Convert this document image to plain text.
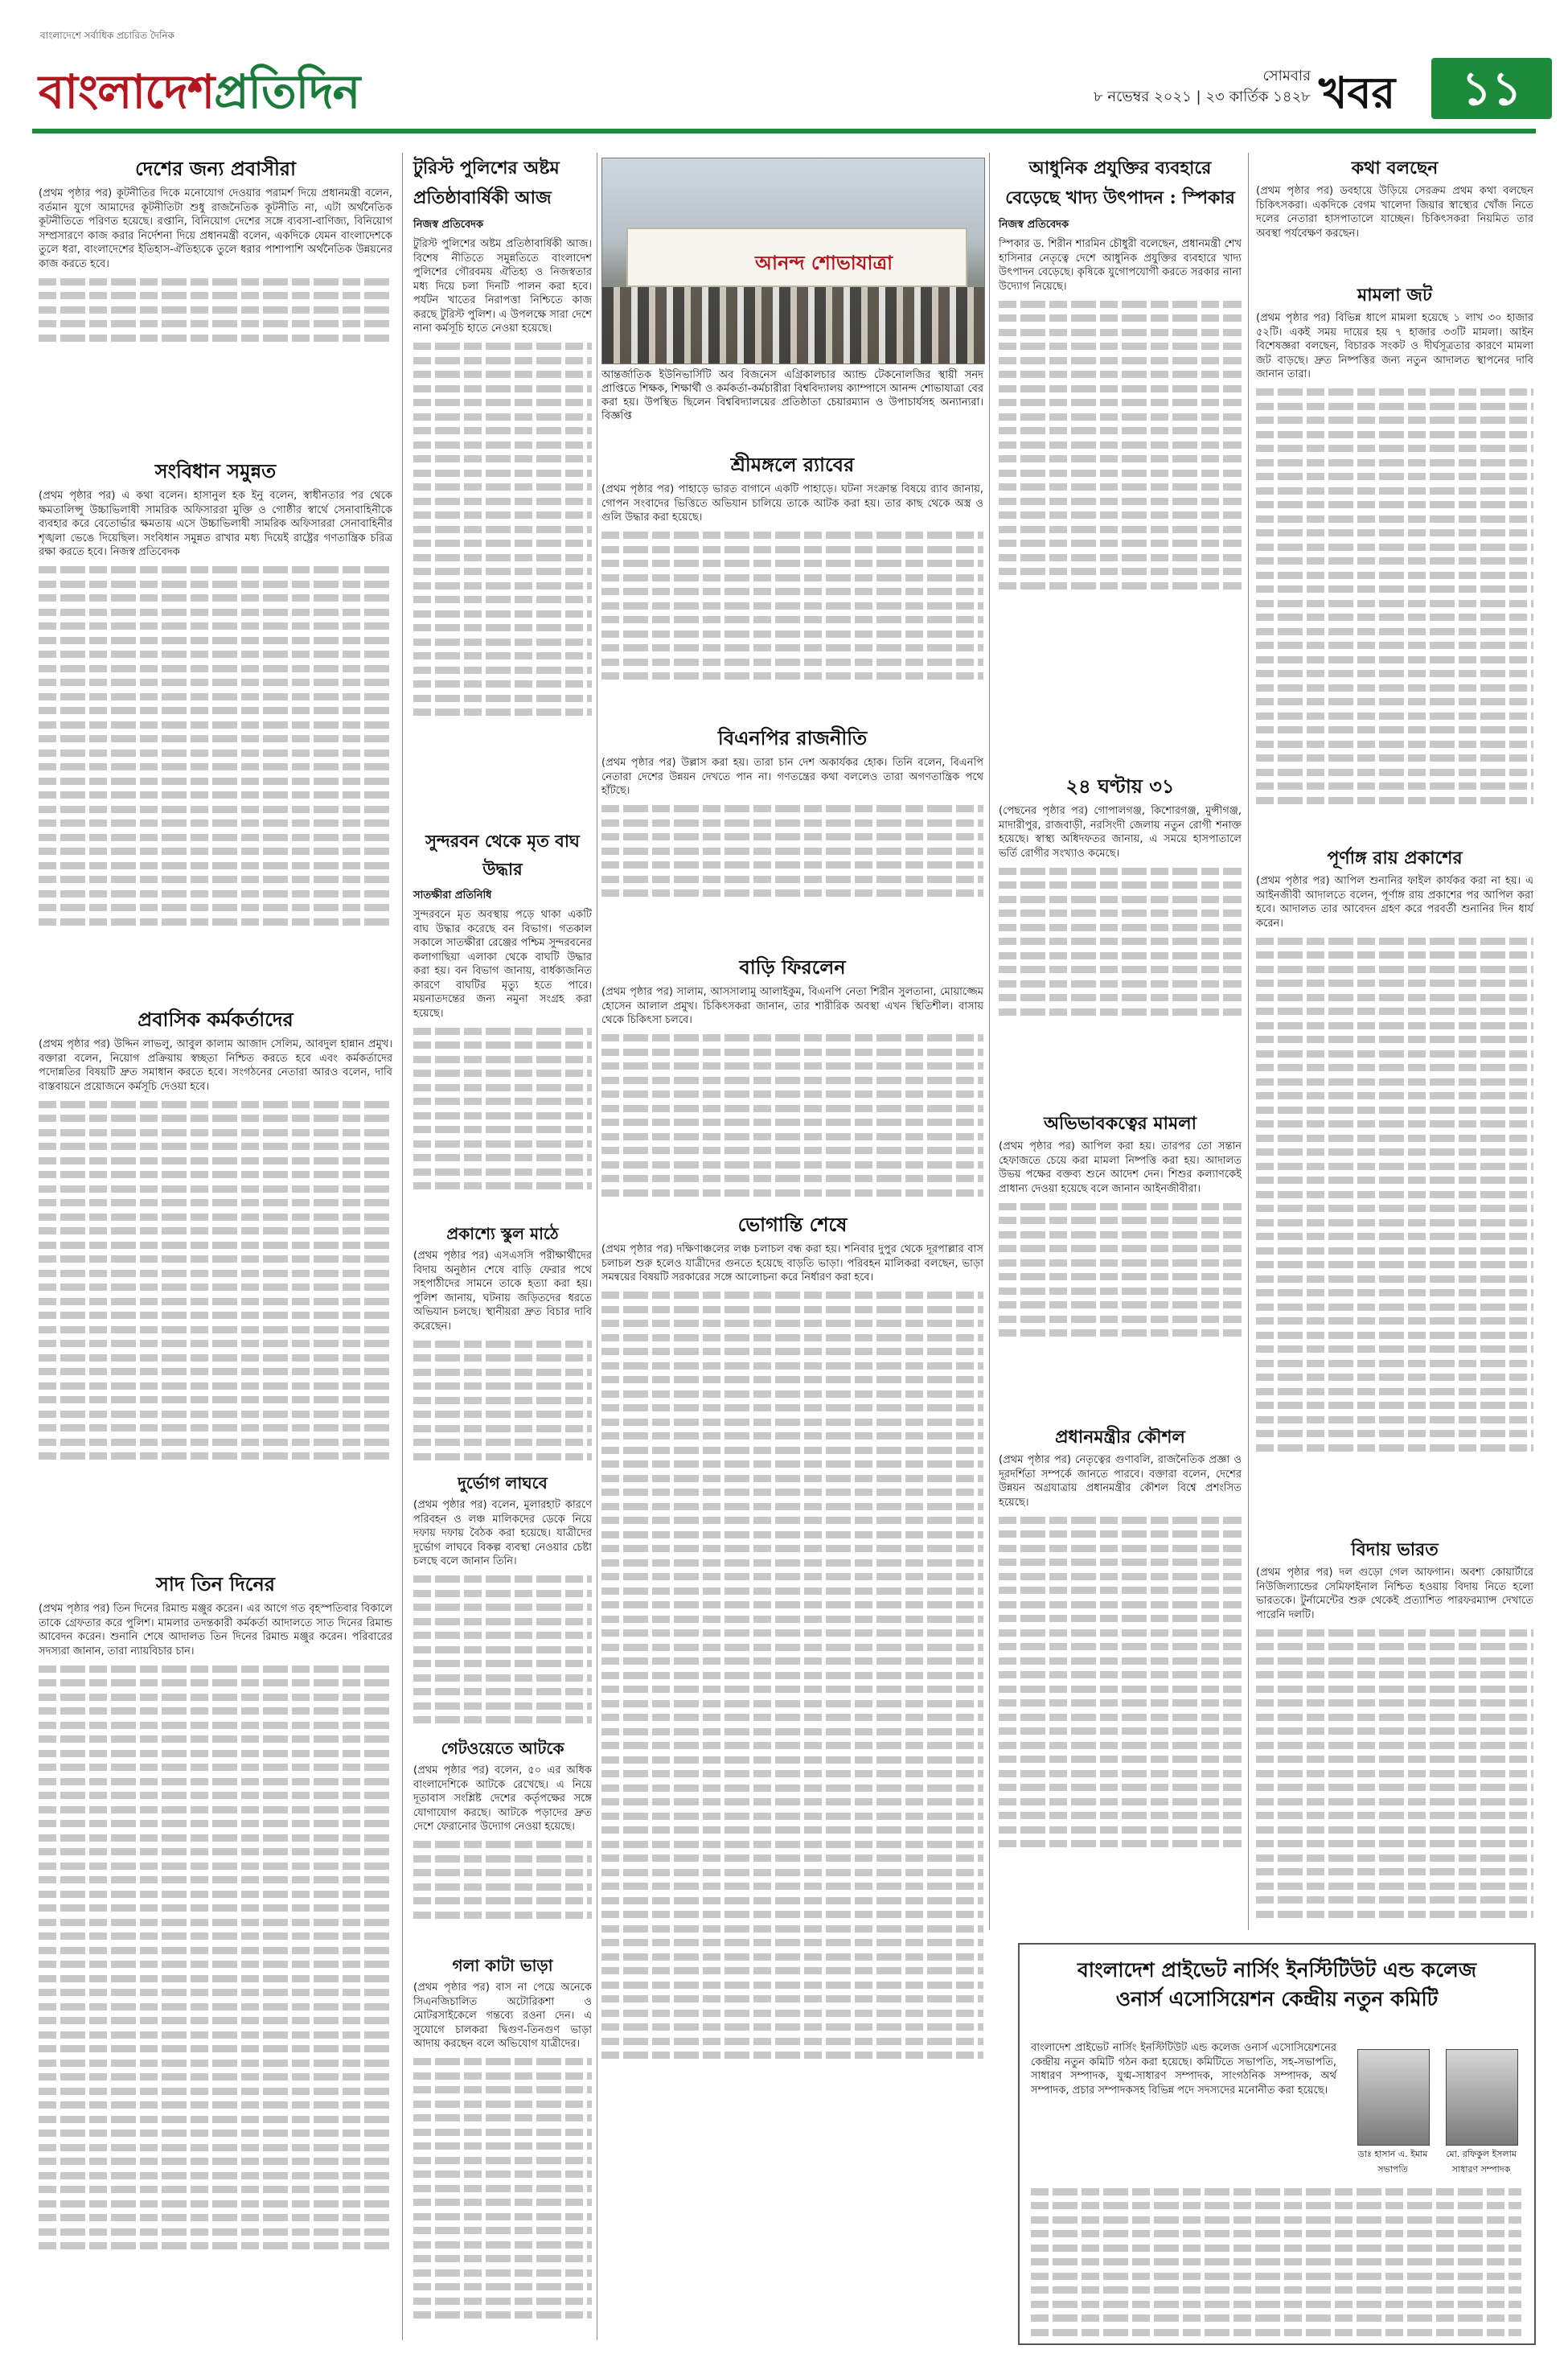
বাংলাদেশে সর্বাধিক প্রচারিত দৈনিক
বাংলাদেশপ্রতিদিন	সোমবার
৮ নভেম্বর ২০২১ | ২৩ কার্তিক ১৪২৮ খবর	১১
দেশের জন্য প্রবাসীরা
(প্রথম পৃষ্ঠার পর) কূটনীতির দিকে মনোযোগ দেওয়ার পরামর্শ দিয়ে প্রধানমন্ত্রী বলেন, বর্তমান যুগে আমাদের কূটনীতিটা শুধু রাজনৈতিক কূটনীতি না, এটা অর্থনৈতিক কূটনীতিতে পরিণত হয়েছে। রপ্তানি, বিনিয়োগ দেশের সঙ্গে ব্যবসা-বাণিজ্য, বিনিয়োগ সম্প্রসারণে কাজ করার নির্দেশনা দিয়ে প্রধানমন্ত্রী বলেন, একদিকে যেমন বাংলাদেশকে তুলে ধরা, বাংলাদেশের ইতিহাস-ঐতিহ্যকে তুলে ধরার পাশাপাশি অর্থনৈতিক উন্নয়নের কাজ করতে হবে।
সংবিধান সমুন্নত
(প্রথম পৃষ্ঠার পর) এ কথা বলেন। হাসানুল হক ইনু বলেন, স্বাধীনতার পর থেকে ক্ষমতালিপ্সু উচ্চাভিলাষী সামরিক অফিসাররা মুক্তি ও গোষ্ঠীর স্বার্থে সেনাবাহিনীকে ব্যবহার করে বেতোর্ভার ক্ষমতায় এসে উচ্চাভিলাষী সামরিক অফিসাররা সেনাবাহিনীর শৃঙ্খলা ভেঙে দিয়েছিল। সংবিধান সমুন্নত রাখার মধ্য দিয়েই রাষ্ট্রের গণতান্ত্রিক চরিত্র রক্ষা করতে হবে। নিজস্ব প্রতিবেদক
প্রবাসিক কর্মকর্তাদের
(প্রথম পৃষ্ঠার পর) উদ্দিন লাভলু, আবুল কালাম আজাদ সেলিম, আবদুল হান্নান প্রমুখ। বক্তারা বলেন, নিয়োগ প্রক্রিয়ায় স্বচ্ছতা নিশ্চিত করতে হবে এবং কর্মকর্তাদের পদোন্নতির বিষয়টি দ্রুত সমাধান করতে হবে। সংগঠনের নেতারা আরও বলেন, দাবি বাস্তবায়নে প্রয়োজনে কর্মসূচি দেওয়া হবে।
সাদ তিন দিনের
(প্রথম পৃষ্ঠার পর) তিন দিনের রিমান্ড মঞ্জুর করেন। এর আগে গত বৃহস্পতিবার বিকালে তাকে গ্রেফতার করে পুলিশ। মামলার তদন্তকারী কর্মকর্তা আদালতে সাত দিনের রিমান্ড আবেদন করেন। শুনানি শেষে আদালত তিন দিনের রিমান্ড মঞ্জুর করেন। পরিবারের সদস্যরা জানান, তারা ন্যায়বিচার চান।
টুরিস্ট পুলিশের অষ্টম প্রতিষ্ঠাবার্ষিকী আজ
নিজস্ব প্রতিবেদক
টুরিস্ট পুলিশের অষ্টম প্রতিষ্ঠাবার্ষিকী আজ। বিশেষ নীতিতে সমুন্নতিতে বাংলাদেশ পুলিশের গৌরবময় ঐতিহ্য ও নিজস্বতার মধ্য দিয়ে চলা দিনটি পালন করা হবে। পর্যটন খাতের নিরাপত্তা নিশ্চিতে কাজ করছে টুরিস্ট পুলিশ। এ উপলক্ষে সারা দেশে নানা কর্মসূচি হাতে নেওয়া হয়েছে।
আনন্দ শোভাযাত্রা
আন্তর্জাতিক ইউনিভার্সিটি অব বিজনেস এগ্রিকালচার অ্যান্ড টেকনোলজির স্থায়ী সনদ প্রাপ্তিতে শিক্ষক, শিক্ষার্থী ও কর্মকর্তা-কর্মচারীরা বিশ্ববিদ্যালয় ক্যাম্পাসে আনন্দ শোভাযাত্রা বের করা হয়। উপস্থিত ছিলেন বিশ্ববিদ্যালয়ের প্রতিষ্ঠাতা চেয়ারম্যান ও উপাচার্যসহ অন্যান্যরা। বিজ্ঞপ্তি
শ্রীমঙ্গলে র‍্যাবের
(প্রথম পৃষ্ঠার পর) পাহাড়ে ভারত বাগানে একটি পাহাড়ে। ঘটনা সংক্রান্ত বিষয়ে র‍্যাব জানায়, গোপন সংবাদের ভিত্তিতে অভিযান চালিয়ে তাকে আটক করা হয়। তার কাছ থেকে অস্ত্র ও গুলি উদ্ধার করা হয়েছে।
বিএনপির রাজনীতি
(প্রথম পৃষ্ঠার পর) উল্লাস করা হয়। তারা চান দেশ অকার্যকর হোক। তিনি বলেন, বিএনপি নেতারা দেশের উন্নয়ন দেখতে পান না। গণতন্ত্রের কথা বললেও তারা অগণতান্ত্রিক পথে হাঁটছে।
বাড়ি ফিরলেন
(প্রথম পৃষ্ঠার পর) সালাম, আসসালামু আলাইকুম, বিএনপি নেতা শিরীন সুলতানা, মোয়াজ্জেম হোসেন আলাল প্রমুখ। চিকিৎসকরা জানান, তার শারীরিক অবস্থা এখন স্থিতিশীল। বাসায় থেকে চিকিৎসা চলবে।
ভোগান্তি শেষে
(প্রথম পৃষ্ঠার পর) দক্ষিণাঞ্চলের লঞ্চ চলাচল বন্ধ করা হয়। শনিবার দুপুর থেকে দূরপাল্লার বাস চলাচল শুরু হলেও যাত্রীদের গুনতে হয়েছে বাড়তি ভাড়া। পরিবহন মালিকরা বলছেন, ভাড়া সমন্বয়ের বিষয়টি সরকারের সঙ্গে আলোচনা করে নির্ধারণ করা হবে।
সুন্দরবন থেকে মৃত বাঘ উদ্ধার
সাতক্ষীরা প্রতিনিধি
সুন্দরবনে মৃত অবস্থায় পড়ে থাকা একটি বাঘ উদ্ধার করেছে বন বিভাগ। গতকাল সকালে সাতক্ষীরা রেঞ্জের পশ্চিম সুন্দরবনের কলাগাছিয়া এলাকা থেকে বাঘটি উদ্ধার করা হয়। বন বিভাগ জানায়, বার্ধক্যজনিত কারণে বাঘটির মৃত্যু হতে পারে। ময়নাতদন্তের জন্য নমুনা সংগ্রহ করা হয়েছে।
প্রকাশ্যে স্কুল মাঠে
(প্রথম পৃষ্ঠার পর) এসএসসি পরীক্ষার্থীদের বিদায় অনুষ্ঠান শেষে বাড়ি ফেরার পথে সহপাঠীদের সামনে তাকে হত্যা করা হয়। পুলিশ জানায়, ঘটনায় জড়িতদের ধরতে অভিযান চলছে। স্থানীয়রা দ্রুত বিচার দাবি করেছেন।
দুর্ভোগ লাঘবে
(প্রথম পৃষ্ঠার পর) বলেন, মুলারহাট কারণে পরিবহন ও লঞ্চ মালিকদের ডেকে নিয়ে দফায় দফায় বৈঠক করা হয়েছে। যাত্রীদের দুর্ভোগ লাঘবে বিকল্প ব্যবস্থা নেওয়ার চেষ্টা চলছে বলে জানান তিনি।
গেটওয়েতে আটকে
(প্রথম পৃষ্ঠার পর) বলেন, ৫০ এর অধিক বাংলাদেশিকে আটকে রেখেছে। এ নিয়ে দূতাবাস সংশ্লিষ্ট দেশের কর্তৃপক্ষের সঙ্গে যোগাযোগ করছে। আটকে পড়াদের দ্রুত দেশে ফেরানোর উদ্যোগ নেওয়া হয়েছে।
গলা কাটা ভাড়া
(প্রথম পৃষ্ঠার পর) বাস না পেয়ে অনেকে সিএনজিচালিত অটোরিকশা ও মোটরসাইকেলে গন্তব্যে রওনা দেন। এ সুযোগে চালকরা দ্বিগুণ-তিনগুণ ভাড়া আদায় করছেন বলে অভিযোগ যাত্রীদের।
আধুনিক প্রযুক্তির ব্যবহারে বেড়েছে খাদ্য উৎপাদন : স্পিকার
নিজস্ব প্রতিবেদক
স্পিকার ড. শিরীন শারমিন চৌধুরী বলেছেন, প্রধানমন্ত্রী শেখ হাসিনার নেতৃত্বে দেশে আধুনিক প্রযুক্তির ব্যবহারে খাদ্য উৎপাদন বেড়েছে। কৃষিকে যুগোপযোগী করতে সরকার নানা উদ্যোগ নিয়েছে।
২৪ ঘণ্টায় ৩১
(পেছনের পৃষ্ঠার পর) গোপালগঞ্জ, কিশোরগঞ্জ, মুন্সীগঞ্জ, মাদারীপুর, রাজবাড়ী, নরসিংদী জেলায় নতুন রোগী শনাক্ত হয়েছে। স্বাস্থ্য অধিদফতর জানায়, এ সময়ে হাসপাতালে ভর্তি রোগীর সংখ্যাও কমেছে।
অভিভাবকত্বের মামলা
(প্রথম পৃষ্ঠার পর) আপিল করা হয়। তারপর তো সন্তান হেফাজতে চেয়ে করা মামলা নিষ্পত্তি করা হয়। আদালত উভয় পক্ষের বক্তব্য শুনে আদেশ দেন। শিশুর কল্যাণকেই প্রাধান্য দেওয়া হয়েছে বলে জানান আইনজীবীরা।
প্রধানমন্ত্রীর কৌশল
(প্রথম পৃষ্ঠার পর) নেতৃত্বের গুণাবলি, রাজনৈতিক প্রজ্ঞা ও দূরদর্শিতা সম্পর্কে জানতে পারবে। বক্তারা বলেন, দেশের উন্নয়ন অগ্রযাত্রায় প্রধানমন্ত্রীর কৌশল বিশ্বে প্রশংসিত হয়েছে।
কথা বলছেন
(প্রথম পৃষ্ঠার পর) ডবহায়ে উড়িয়ে সেরক্রম প্রথম কথা বলছেন চিকিৎসকরা। একদিকে বেগম খালেদা জিয়ার স্বাস্থ্যের খোঁজ নিতে দলের নেতারা হাসপাতালে যাচ্ছেন। চিকিৎসকরা নিয়মিত তার অবস্থা পর্যবেক্ষণ করছেন।
মামলা জট
(প্রথম পৃষ্ঠার পর) বিভিন্ন ধাপে মামলা হয়েছে ১ লাখ ৩০ হাজার ৫২টি। একই সময় দায়ের হয় ৭ হাজার ৩৩টি মামলা। আইন বিশেষজ্ঞরা বলছেন, বিচারক সংকট ও দীর্ঘসূত্রতার কারণে মামলা জট বাড়ছে। দ্রুত নিষ্পত্তির জন্য নতুন আদালত স্থাপনের দাবি জানান তারা।
পূর্ণাঙ্গ রায় প্রকাশের
(প্রথম পৃষ্ঠার পর) আপিল শুনানির ফাইল কার্যকর করা না হয়। এ আইনজীবী আদালতে বলেন, পূর্ণাঙ্গ রায় প্রকাশের পর আপিল করা হবে। আদালত তার আবেদন গ্রহণ করে পরবর্তী শুনানির দিন ধার্য করেন।
বিদায় ভারত
(প্রথম পৃষ্ঠার পর) দল গুড়ো গেল আফগান। অবশ্য কোয়ার্টারে নিউজিল্যান্ডের সেমিফাইনাল নিশ্চিত হওয়ায় বিদায় নিতে হলো ভারতকে। টুর্নামেন্টের শুরু থেকেই প্রত্যাশিত পারফরম্যান্স দেখাতে পারেনি দলটি।
বাংলাদেশ প্রাইভেট নার্সিং ইনস্টিটিউট এন্ড কলেজ
ওনার্স এসোসিয়েশন কেন্দ্রীয় নতুন কমিটি
বাংলাদেশ প্রাইভেট নার্সিং ইনস্টিটিউট এন্ড কলেজ ওনার্স এসোসিয়েশনের কেন্দ্রীয় নতুন কমিটি গঠন করা হয়েছে। কমিটিতে সভাপতি, সহ-সভাপতি, সাধারণ সম্পাদক, যুগ্ম-সাধারণ সম্পাদক, সাংগঠনিক সম্পাদক, অর্থ সম্পাদক, প্রচার সম্পাদকসহ বিভিন্ন পদে সদস্যদের মনোনীত করা হয়েছে।
ডাঃ হাসান এ. ইমাম
সভাপতি
মো. রফিকুল ইসলাম
সাধারণ সম্পাদক
